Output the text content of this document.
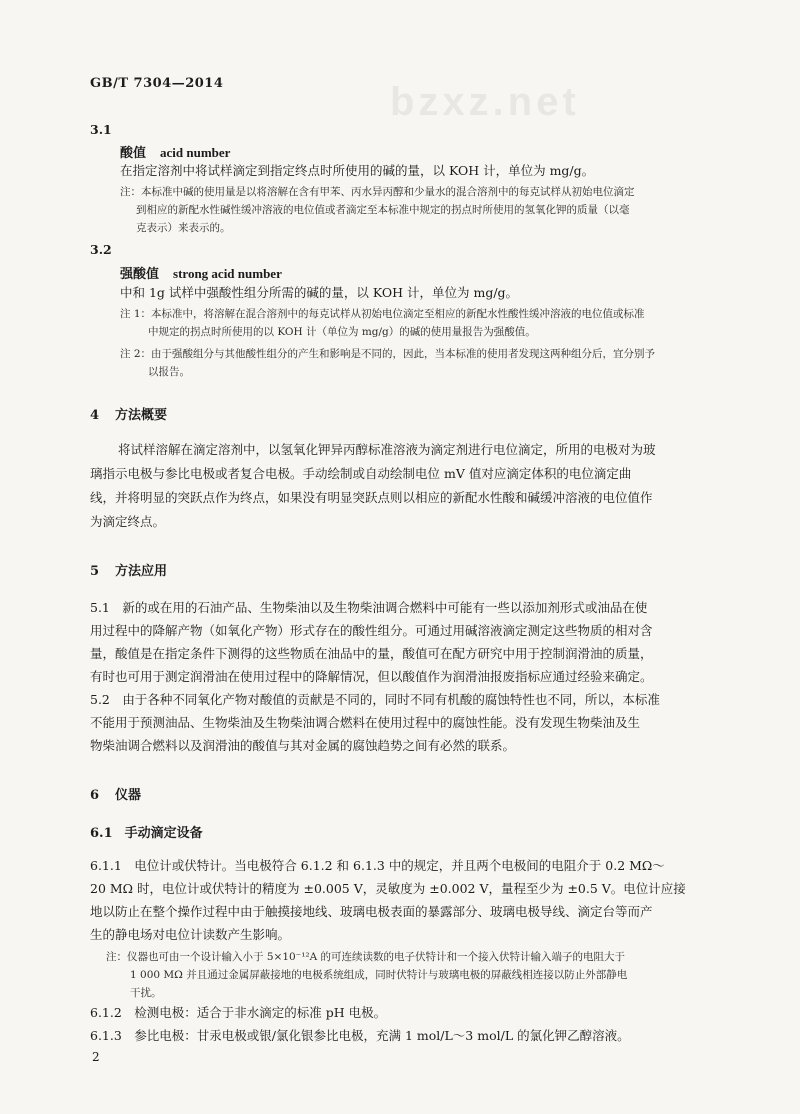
bzxz.net
GB/T 7304—2014
3.1
酸值 acid number
在指定溶剂中将试样滴定到指定终点时所使用的碱的量，以 KOH 计，单位为 mg/g。
注：本标准中碱的使用量是以将溶解在含有甲苯、丙水异丙醇和少量水的混合溶剂中的每克试样从初始电位滴定
到相应的新配水性碱性缓冲溶液的电位值或者滴定至本标准中规定的拐点时所使用的氢氧化钾的质量（以毫
克表示）来表示的。
3.2
强酸值 strong acid number
中和 1g 试样中强酸性组分所需的碱的量，以 KOH 计，单位为 mg/g。
注 1：本标准中，将溶解在混合溶剂中的每克试样从初始电位滴定至相应的新配水性酸性缓冲溶液的电位值或标准
中规定的拐点时所使用的以 KOH 计（单位为 mg/g）的碱的使用量报告为强酸值。
注 2：由于强酸组分与其他酸性组分的产生和影响是不同的，因此，当本标准的使用者发现这两种组分后，宜分别予
以报告。
4 方法概要
将试样溶解在滴定溶剂中，以氢氧化钾异丙醇标准溶液为滴定剂进行电位滴定，所用的电极对为玻
璃指示电极与参比电极或者复合电极。手动绘制或自动绘制电位 mV 值对应滴定体积的电位滴定曲
线，并将明显的突跃点作为终点，如果没有明显突跃点则以相应的新配水性酸和碱缓冲溶液的电位值作
为滴定终点。
5 方法应用
5.1　新的或在用的石油产品、生物柴油以及生物柴油调合燃料中可能有一些以添加剂形式或油品在使
用过程中的降解产物（如氧化产物）形式存在的酸性组分。可通过用碱溶液滴定测定这些物质的相对含
量，酸值是在指定条件下测得的这些物质在油品中的量，酸值可在配方研究中用于控制润滑油的质量，
有时也可用于测定润滑油在使用过程中的降解情况，但以酸值作为润滑油报废指标应通过经验来确定。
5.2　由于各种不同氧化产物对酸值的贡献是不同的，同时不同有机酸的腐蚀特性也不同，所以，本标准
不能用于预测油品、生物柴油及生物柴油调合燃料在使用过程中的腐蚀性能。没有发现生物柴油及生
物柴油调合燃料以及润滑油的酸值与其对金属的腐蚀趋势之间有必然的联系。
6 仪器
6.1 手动滴定设备
6.1.1　电位计或伏特计。当电极符合 6.1.2 和 6.1.3 中的规定，并且两个电极间的电阻介于 0.2 MΩ～
20 MΩ 时，电位计或伏特计的精度为 ±0.005 V，灵敏度为 ±0.002 V，量程至少为 ±0.5 V。电位计应接
地以防止在整个操作过程中由于触摸接地线、玻璃电极表面的暴露部分、玻璃电极导线、滴定台等而产
生的静电场对电位计读数产生影响。
注：仪器也可由一个设计输入小于 5×10⁻¹²A 的可连续读数的电子伏特计和一个接入伏特计输入端子的电阻大于
1 000 MΩ 并且通过金属屏蔽接地的电极系统组成，同时伏特计与玻璃电极的屏蔽线相连接以防止外部静电
干扰。
6.1.2　检测电极：适合于非水滴定的标准 pH 电极。
6.1.3　参比电极：甘汞电极或银/氯化银参比电极，充满 1 mol/L～3 mol/L 的氯化钾乙醇溶液。
2
